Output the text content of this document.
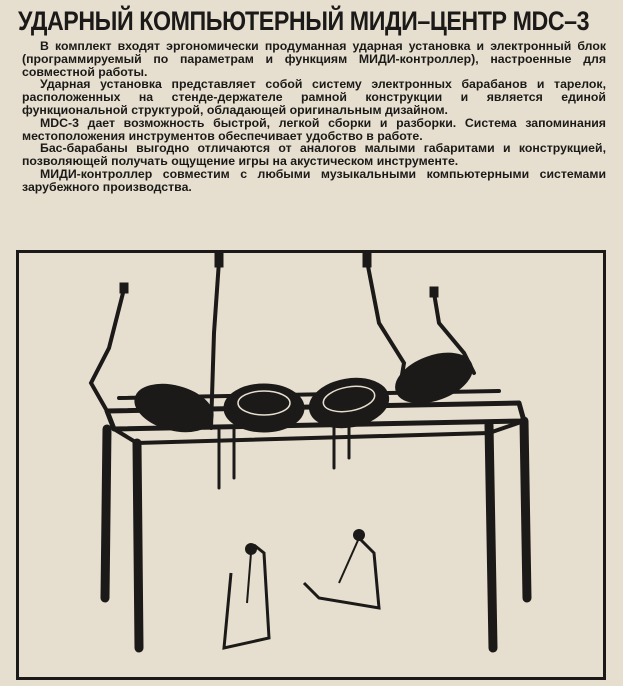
УДАРНЫЙ КОМПЬЮТЕРНЫЙ МИДИ–ЦЕНТР MDC–3

В комплект входят эргономически продуманная ударная установка и электронный блок (программируемый по параметрам и функциям МИДИ-контроллер), настроенные для совместной работы.

Ударная установка представляет собой систему электронных барабанов и тарелок, расположенных на стенде-держателе рамной конструкции и является единой функциональной структурой, обладающей оригинальным дизайном.

MDC-3 дает возможность быстрой, легкой сборки и разборки. Система запоминания местоположения инструментов обеспечивает удобство в работе.

Бас-барабаны выгодно отличаются от аналогов малыми габаритами и конструкцией, позволяющей получать ощущение игры на акустическом инструменте.

МИДИ-контроллер совместим с любыми музыкальными компьютерными системами зарубежного производства.
